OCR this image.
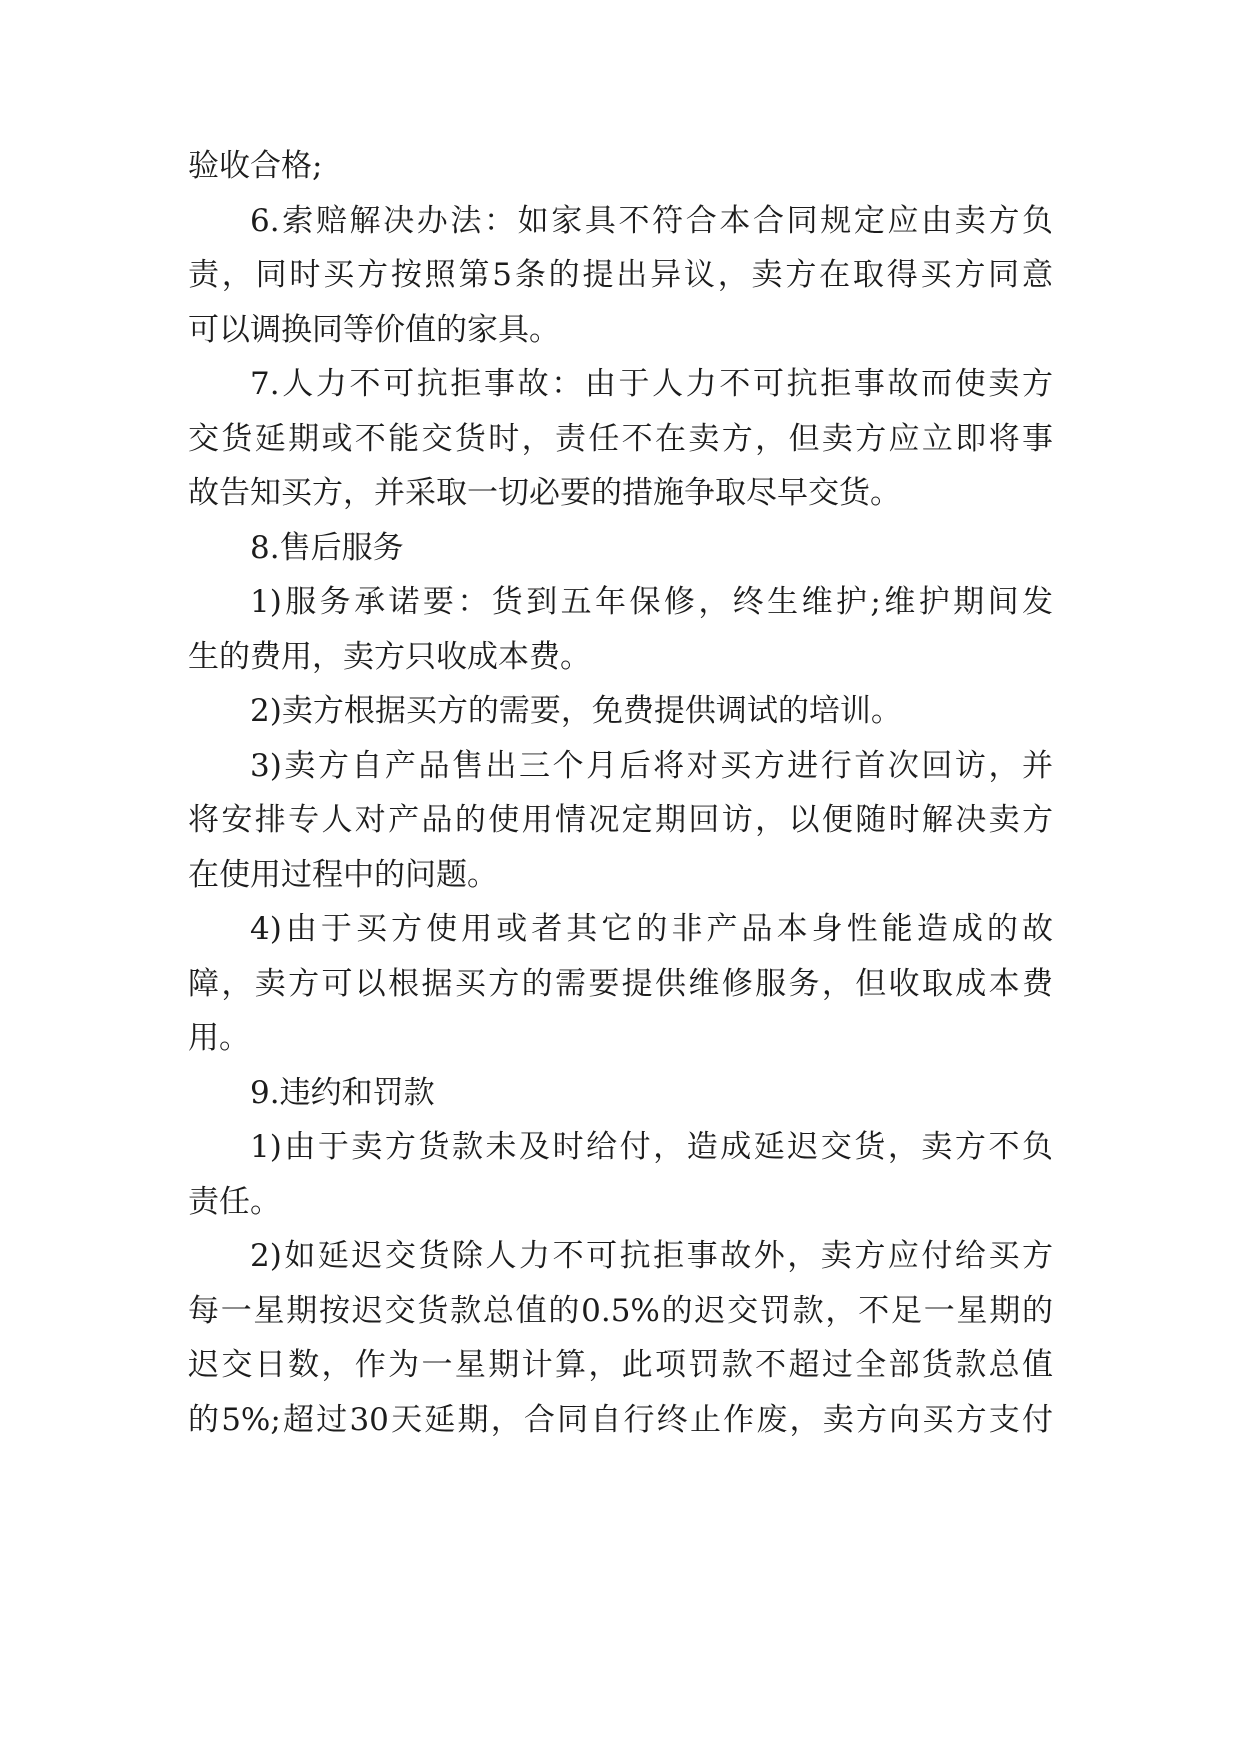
验收合格;
6.索赔解决办法：如家具不符合本合同规定应由卖方负
责，同时买方按照第5条的提出异议，卖方在取得买方同意
可以调换同等价值的家具。
7.人力不可抗拒事故：由于人力不可抗拒事故而使卖方
交货延期或不能交货时，责任不在卖方，但卖方应立即将事
故告知买方，并采取一切必要的措施争取尽早交货。
8.售后服务
1)服务承诺要：货到五年保修，终生维护;维护期间发
生的费用，卖方只收成本费。
2)卖方根据买方的需要，免费提供调试的培训。
3)卖方自产品售出三个月后将对买方进行首次回访，并
将安排专人对产品的使用情况定期回访，以便随时解决卖方
在使用过程中的问题。
4)由于买方使用或者其它的非产品本身性能造成的故
障，卖方可以根据买方的需要提供维修服务，但收取成本费
用。
9.违约和罚款
1)由于卖方货款未及时给付，造成延迟交货，卖方不负
责任。
2)如延迟交货除人力不可抗拒事故外，卖方应付给买方
每一星期按迟交货款总值的0.5%的迟交罚款，不足一星期的
迟交日数，作为一星期计算，此项罚款不超过全部货款总值
的5%;超过30天延期，合同自行终止作废，卖方向买方支付
